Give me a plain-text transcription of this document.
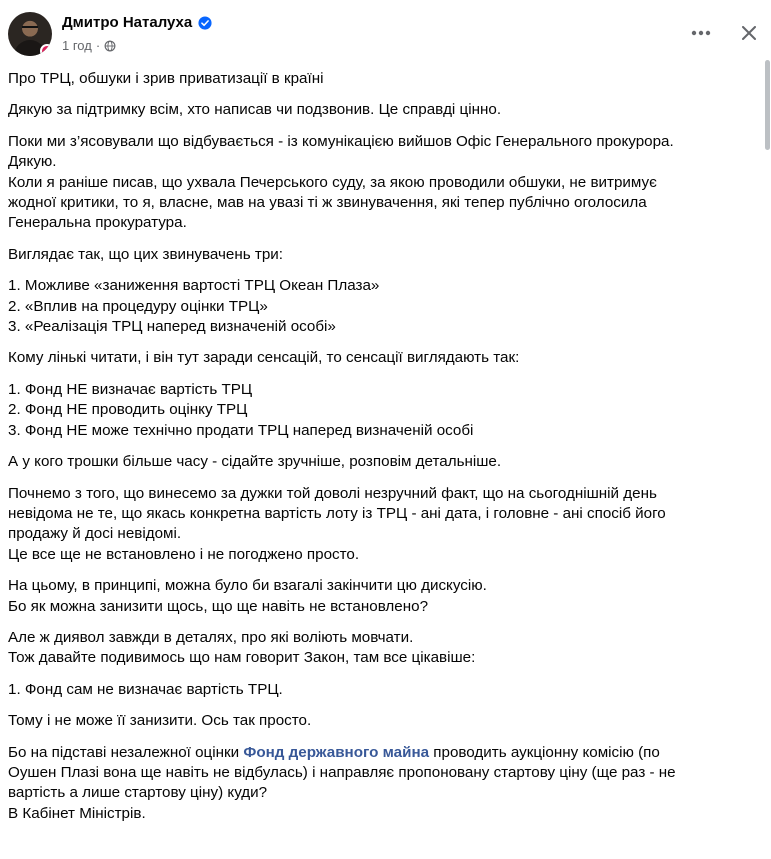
Дмитро Наталуха
1 год ·

Про ТРЦ, обшуки і зрив приватизації в країні

Дякую за підтримку всім, хто написав чи подзвонив. Це справді цінно.

Поки ми з’ясовували що відбувається - із комунікацією вийшов Офіс Генерального прокурора.
Дякую.
Коли я раніше писав, що ухвала Печерського суду, за якою проводили обшуки, не витримує
жодної критики, то я, власне, мав на увазі ті ж звинувачення, які тепер публічно оголосила
Генеральна прокуратура.

Виглядає так, що цих звинувачень три:

1. Можливе «заниження вартості ТРЦ Океан Плаза»
2. «Вплив на процедуру оцінки ТРЦ»
3. «Реалізація ТРЦ наперед визначеній особі»

Кому лінькі читати, і він тут заради сенсацій, то сенсації виглядають так:

1. Фонд НЕ визначає вартість ТРЦ
2. Фонд НЕ проводить оцінку ТРЦ
3. Фонд НЕ може технічно продати ТРЦ наперед визначеній особі

А у кого трошки більше часу - сідайте зручніше, розповім детальніше.

Почнемо з того, що винесемо за дужки той доволі незручний факт, що на сьогоднішній день
невідома не те, що якась конкретна вартість лоту із ТРЦ - ані дата, і головне - ані спосіб його
продажу й досі невідомі.
Це все ще не встановлено і не погоджено просто.

На цьому, в принципі, можна було би взагалі закінчити цю дискусію.
Бо як можна занизити щось, що ще навіть не встановлено?

Але ж диявол завжди в деталях, про які воліють мовчати.
Тож давайте подивимось що нам говорит Закон, там все цікавіше:

1. Фонд сам не визначає вартість ТРЦ.

Тому і не може її занизити. Ось так просто.

Бо на підставі незалежної оцінки Фонд державного майна проводить аукціонну комісію (по
Оушен Плазі вона ще навіть не відбулась) і направляє пропоновану стартову ціну (ще раз - не
вартість а лише стартову ціну) куди?
В Кабінет Міністрів.
